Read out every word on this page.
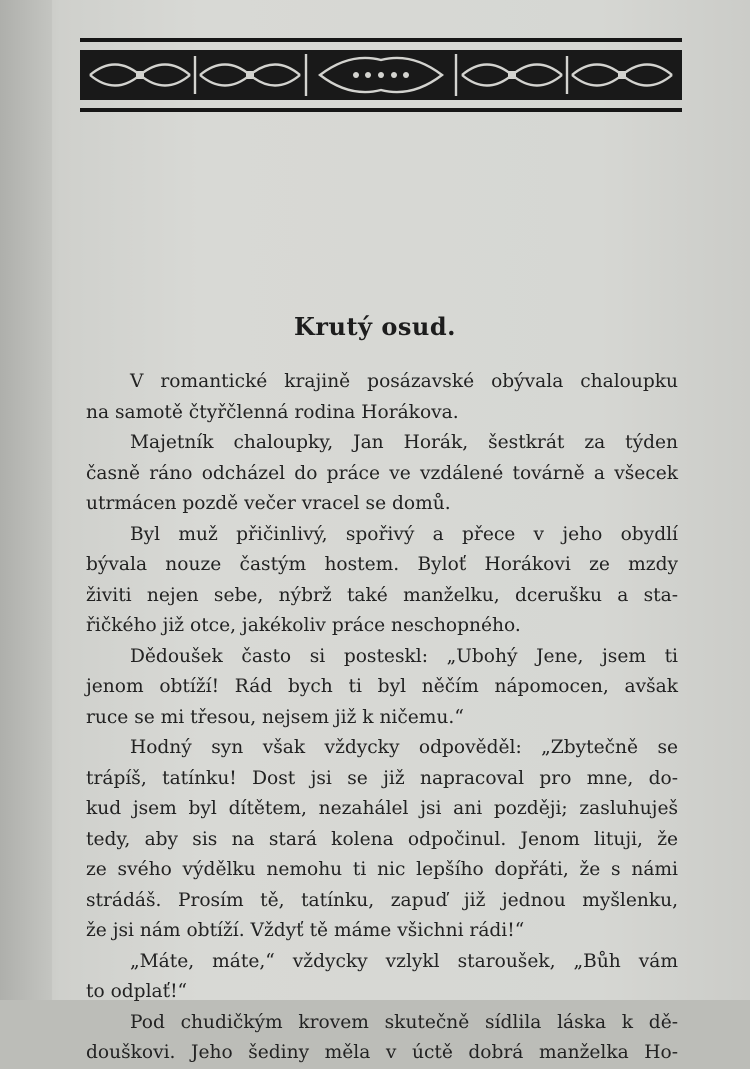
Krutý osud.
V romantické krajině posázavské obývala chaloupku
na samotě čtyřčlenná rodina Horákova.
Majetník chaloupky, Jan Horák, šestkrát za týden
časně ráno odcházel do práce ve vzdálené továrně a všecek
utrmácen pozdě večer vracel se domů.
Byl muž přičinlivý, spořivý a přece v jeho obydlí
bývala nouze častým hostem. Byloť Horákovi ze mzdy
živiti nejen sebe, nýbrž také manželku, dcerušku a sta-
řičkého již otce, jakékoliv práce neschopného.
Dědoušek často si posteskl: „Ubohý Jene, jsem ti
jenom obtíží! Rád bych ti byl něčím nápomocen, avšak
ruce se mi třesou, nejsem již k ničemu.“
Hodný syn však vždycky odpověděl: „Zbytečně se
trápíš, tatínku! Dost jsi se již napracoval pro mne, do-
kud jsem byl dítětem, nezahálel jsi ani později; zasluhuješ
tedy, aby sis na stará kolena odpočinul. Jenom lituji, že
ze svého výdělku nemohu ti nic lepšího dopřáti, že s námi
strádáš. Prosím tě, tatínku, zapuď již jednou myšlenku,
že jsi nám obtíží. Vždyť tě máme všichni rádi!“
„Máte, máte,“ vždycky vzlykl staroušek, „Bůh vám
to odplať!“
Pod chudičkým krovem skutečně sídlila láska k dě-
douškovi. Jeho šediny měla v úctě dobrá manželka Ho-
